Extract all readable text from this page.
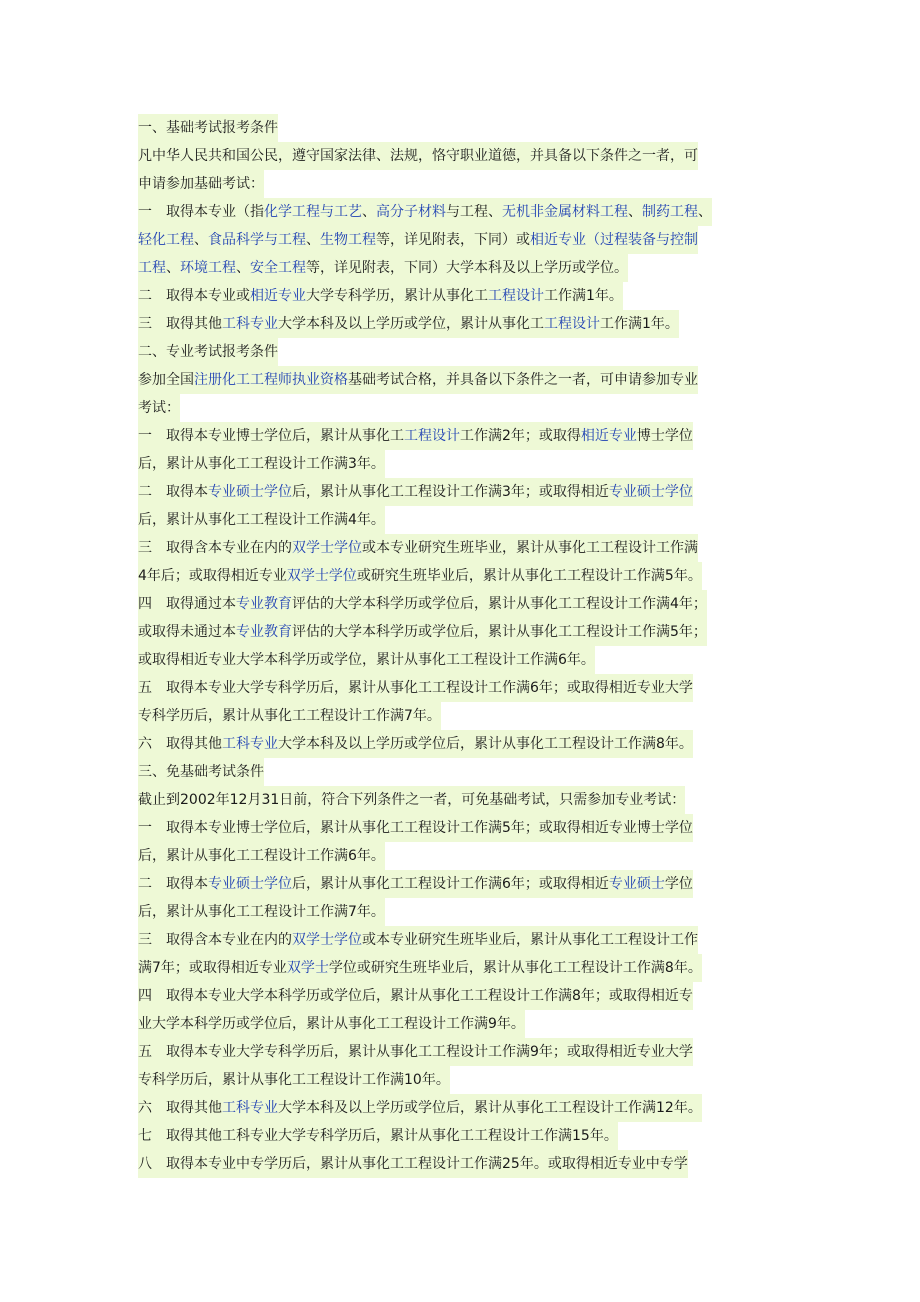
一、基础考试报考条件
凡中华人民共和国公民，遵守国家法律、法规，恪守职业道德，并具备以下条件之一者，可
申请参加基础考试：
一　取得本专业（指化学工程与工艺、高分子材料与工程、无机非金属材料工程、制药工程、
轻化工程、食品科学与工程、生物工程等，详见附表，下同）或相近专业（过程装备与控制
工程、环境工程、安全工程等，详见附表，下同）大学本科及以上学历或学位。
二　取得本专业或相近专业大学专科学历，累计从事化工工程设计工作满1年。
三　取得其他工科专业大学本科及以上学历或学位，累计从事化工工程设计工作满1年。
二、专业考试报考条件
参加全国注册化工工程师执业资格基础考试合格，并具备以下条件之一者，可申请参加专业
考试：
一　取得本专业博士学位后，累计从事化工工程设计工作满2年；或取得相近专业博士学位
后，累计从事化工工程设计工作满3年。
二　取得本专业硕士学位后，累计从事化工工程设计工作满3年；或取得相近专业硕士学位
后，累计从事化工工程设计工作满4年。
三　取得含本专业在内的双学士学位或本专业研究生班毕业，累计从事化工工程设计工作满
4年后；或取得相近专业双学士学位或研究生班毕业后，累计从事化工工程设计工作满5年。
四　取得通过本专业教育评估的大学本科学历或学位后，累计从事化工工程设计工作满4年；
或取得未通过本专业教育评估的大学本科学历或学位后，累计从事化工工程设计工作满5年；
或取得相近专业大学本科学历或学位，累计从事化工工程设计工作满6年。
五　取得本专业大学专科学历后，累计从事化工工程设计工作满6年；或取得相近专业大学
专科学历后，累计从事化工工程设计工作满7年。
六　取得其他工科专业大学本科及以上学历或学位后，累计从事化工工程设计工作满8年。
三、免基础考试条件
截止到2002年12月31日前，符合下列条件之一者，可免基础考试，只需参加专业考试：
一　取得本专业博士学位后，累计从事化工工程设计工作满5年；或取得相近专业博士学位
后，累计从事化工工程设计工作满6年。
二　取得本专业硕士学位后，累计从事化工工程设计工作满6年；或取得相近专业硕士学位
后，累计从事化工工程设计工作满7年。
三　取得含本专业在内的双学士学位或本专业研究生班毕业后，累计从事化工工程设计工作
满7年；或取得相近专业双学士学位或研究生班毕业后，累计从事化工工程设计工作满8年。
四　取得本专业大学本科学历或学位后，累计从事化工工程设计工作满8年；或取得相近专
业大学本科学历或学位后，累计从事化工工程设计工作满9年。
五　取得本专业大学专科学历后，累计从事化工工程设计工作满9年；或取得相近专业大学
专科学历后，累计从事化工工程设计工作满10年。
六　取得其他工科专业大学本科及以上学历或学位后，累计从事化工工程设计工作满12年。
七　取得其他工科专业大学专科学历后，累计从事化工工程设计工作满15年。
八　取得本专业中专学历后，累计从事化工工程设计工作满25年。或取得相近专业中专学
